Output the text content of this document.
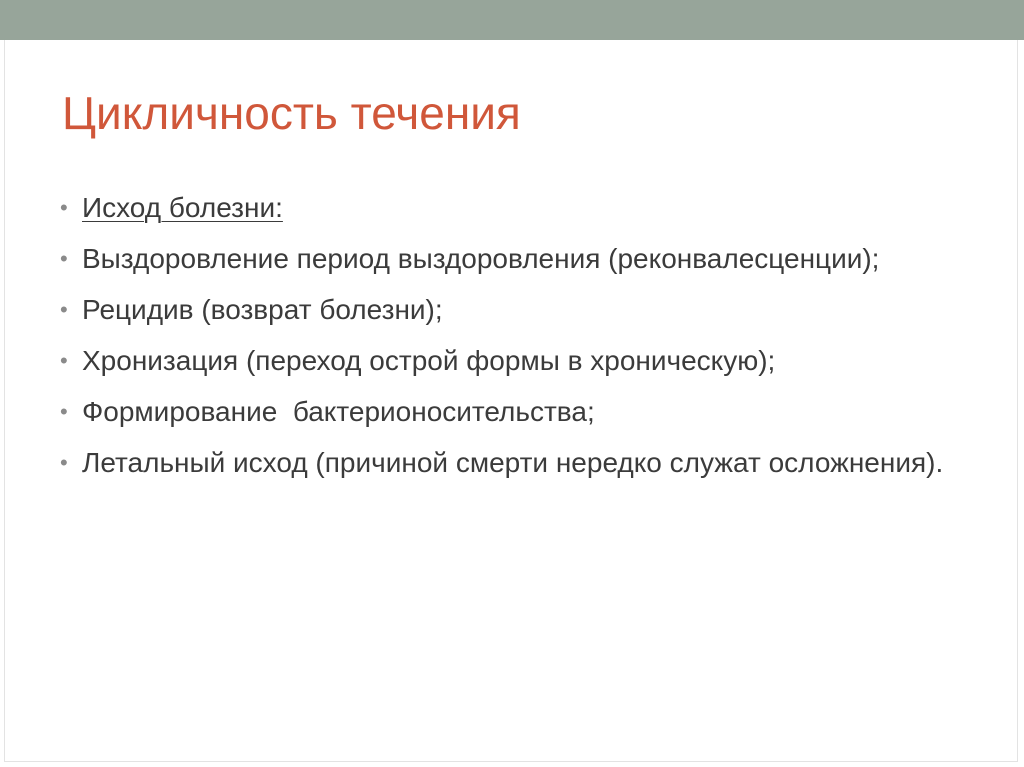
Цикличность течения
• Исход болезни:
• Выздоровление период выздоровления (реконвалесценции);
• Рецидив (возврат болезни);
• Хронизация (переход острой формы в хроническую);
• Формирование  бактерионосительства;
• Летальный исход (причиной смерти нередко служат осложнения).
